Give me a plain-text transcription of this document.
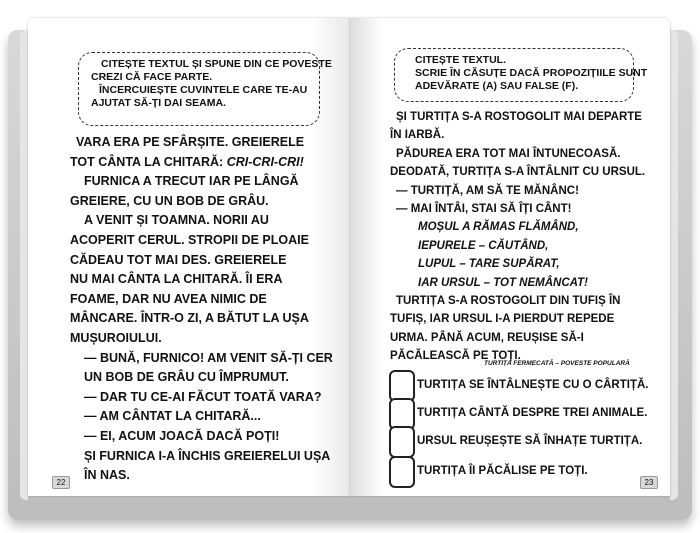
CITEȘTE TEXTUL ȘI SPUNE DIN CE POVESTE
CREZI CĂ FACE PARTE.
ÎNCERCUIEȘTE CUVINTELE CARE TE-AU
AJUTAT SĂ-ȚI DAI SEAMA.
VARA ERA PE SFÂRȘITE. GREIERELE
TOT CÂNTA LA CHITARĂ: CRI-CRI-CRI!
FURNICA A TRECUT IAR PE LÂNGĂ
GREIERE, CU UN BOB DE GRÂU.
A VENIT ȘI TOAMNA. NORII AU
ACOPERIT CERUL. STROPII DE PLOAIE
CĂDEAU TOT MAI DES. GREIERELE
NU MAI CÂNTA LA CHITARĂ. ÎI ERA
FOAME, DAR NU AVEA NIMIC DE
MÂNCARE. ÎNTR-O ZI, A BĂTUT LA UȘA
MUȘUROIULUI.
— BUNĂ, FURNICO! AM VENIT SĂ-ȚI CER
UN BOB DE GRÂU CU ÎMPRUMUT.
— DAR TU CE-AI FĂCUT TOATĂ VARA?
— AM CÂNTAT LA CHITARĂ...
— EI, ACUM JOACĂ DACĂ POȚI!
ȘI FURNICA I-A ÎNCHIS GREIERELUI UȘA
ÎN NAS.
22
CITEȘTE TEXTUL.
SCRIE ÎN CĂSUȚE DACĂ PROPOZIȚIILE SUNT
ADEVĂRATE (A) SAU FALSE (F).
ȘI TURTIȚA S-A ROSTOGOLIT MAI DEPARTE
ÎN IARBĂ.
PĂDUREA ERA TOT MAI ÎNTUNECOASĂ.
DEODATĂ, TURTIȚA S-A ÎNTÂLNIT CU URSUL.
— TURTIȚĂ, AM SĂ TE MĂNÂNC!
— MAI ÎNTÂI, STAI SĂ ÎȚI CÂNT!
MOȘUL A RĂMAS FLĂMÂND,
IEPURELE – CĂUTÂND,
LUPUL – TARE SUPĂRAT,
IAR URSUL – TOT NEMÂNCAT!
TURTIȚA S-A ROSTOGOLIT DIN TUFIȘ ÎN
TUFIȘ, IAR URSUL I-A PIERDUT REPEDE
URMA. PÂNĂ ACUM, REUȘISE SĂ-I
PĂCĂLEASCĂ PE TOȚI.
TURTIȚA FERMECATĂ – POVESTE POPULARĂ
TURTIȚA SE ÎNTÂLNEȘTE CU O CÂRTIȚĂ.
TURTIȚA CÂNTĂ DESPRE TREI ANIMALE.
URSUL REUȘEȘTE SĂ ÎNHAȚE TURTIȚA.
TURTIȚA ÎI PĂCĂLISE PE TOȚI.
23
